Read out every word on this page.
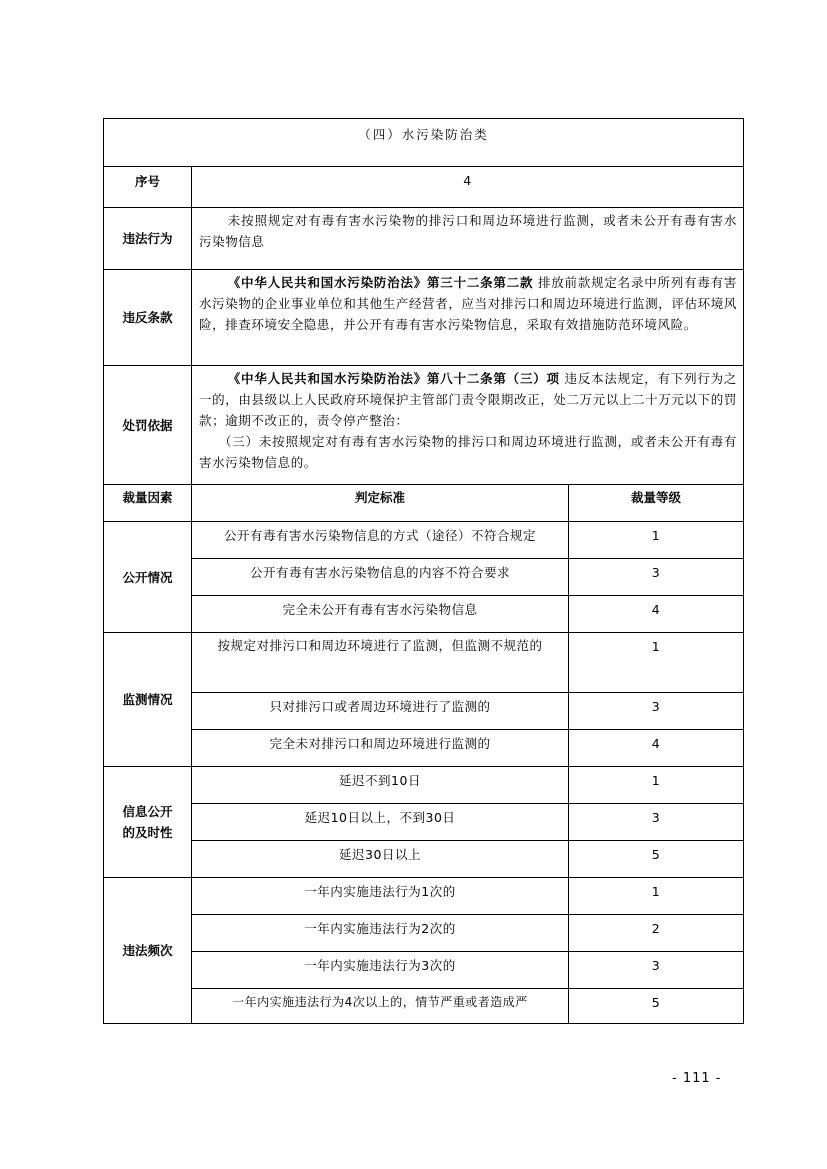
（四）水污染防治类		
序号	4	
违法行为	未按照规定对有毒有害水污染物的排污口和周边环境进行监测，或者未公开有毒有害水污染物信息	
违反条款	《中华人民共和国水污染防治法》第三十二条第二款 排放前款规定名录中所列有毒有害水污染物的企业事业单位和其他生产经营者，应当对排污口和周边环境进行监测，评估环境风险，排查环境安全隐患，并公开有毒有害水污染物信息，采取有效措施防范环境风险。	
处罚依据	《中华人民共和国水污染防治法》第八十二条第（三）项 违反本法规定，有下列行为之一的，由县级以上人民政府环境保护主管部门责令限期改正，处二万元以上二十万元以下的罚款；逾期不改正的，责令停产整治：
（三）未按照规定对有毒有害水污染物的排污口和周边环境进行监测，或者未公开有毒有害水污染物信息的。	

裁量因素	判定标准	裁量等级
公开情况	公开有毒有害水污染物信息的方式（途径）不符合规定	1
	公开有毒有害水污染物信息的内容不符合要求	3
	完全未公开有毒有害水污染物信息	4
监测情况	按规定对排污口和周边环境进行了监测，但监测不规范的	1
	只对排污口或者周边环境进行了监测的	3
	完全未对排污口和周边环境进行监测的	4

信息公开
的及时性	延迟不到10日	1
	延迟10日以上，不到30日	3
	延迟30日以上	5
违法频次	一年内实施违法行为1次的	1
	一年内实施违法行为2次的	2
	一年内实施违法行为3次的	3
	一年内实施违法行为4次以上的，情节严重或者造成严	5
- 111 -
